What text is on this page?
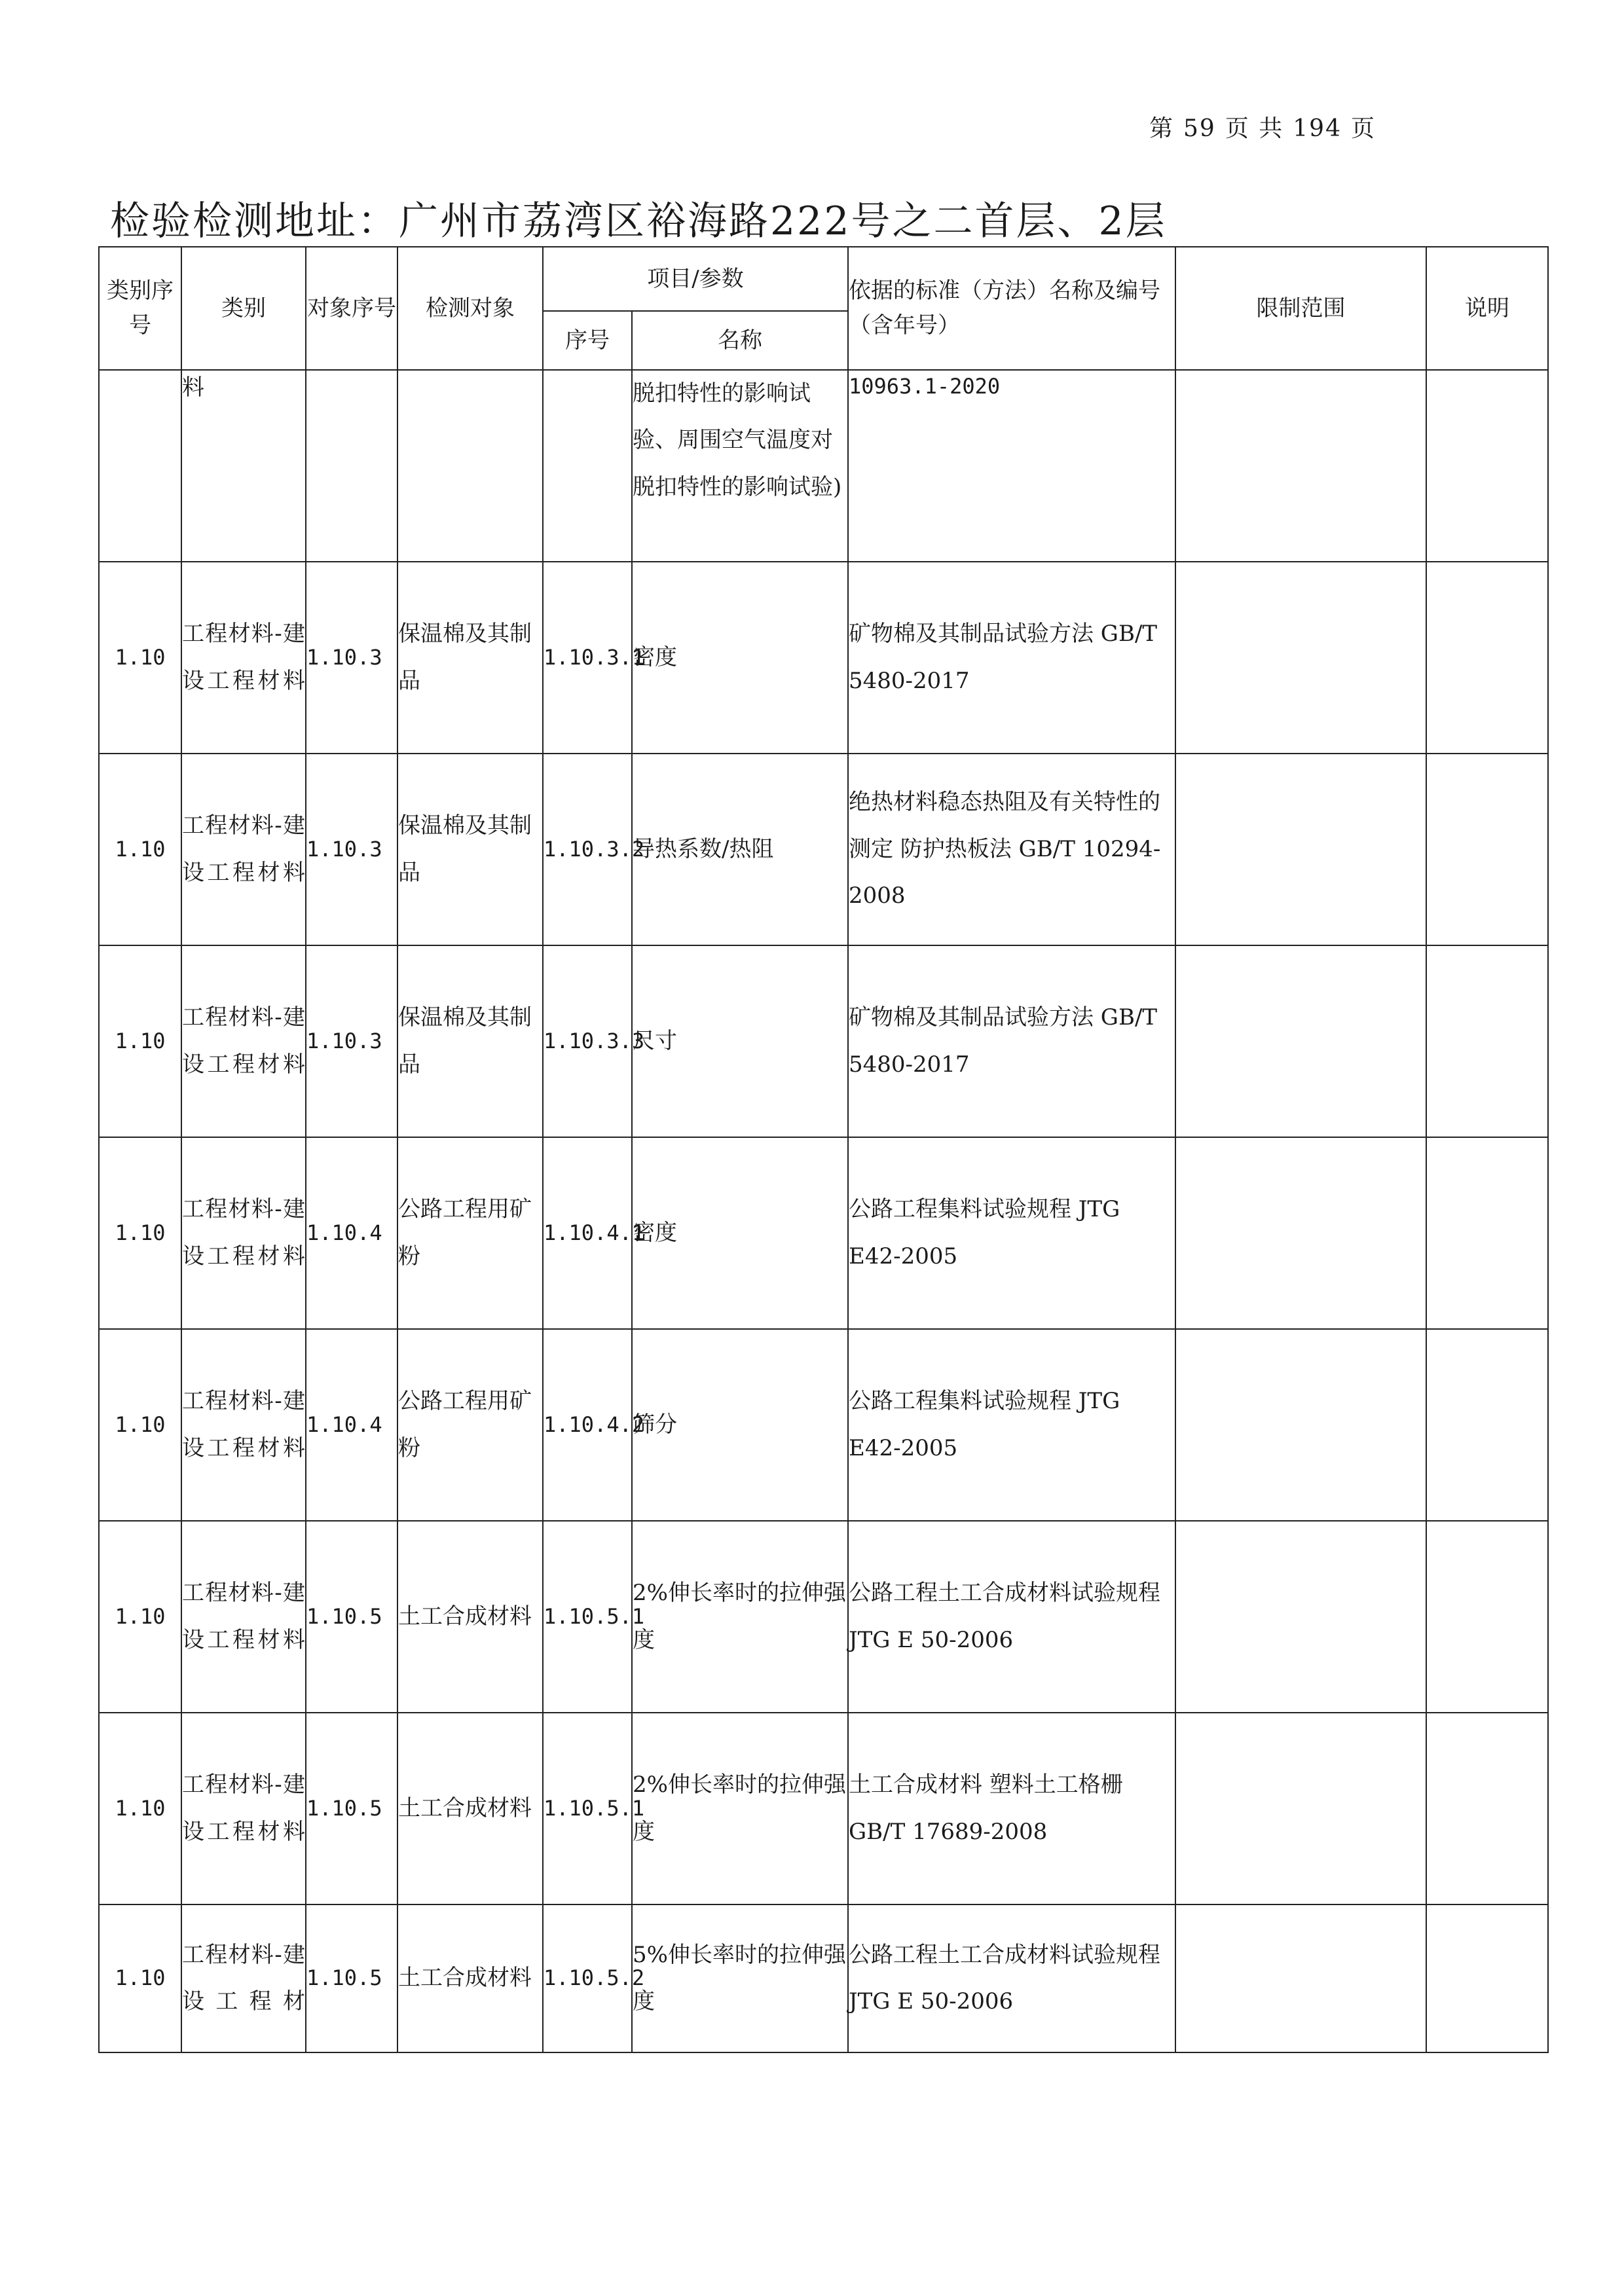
第 59 页 共 194 页
检验检测地址：广州市荔湾区裕海路222号之二首层、2层
类别序号	类别	对象序号	检测对象	项目/参数		依据的标准（方法）名称及编号（含年号）	限制范围	说明
				序号	名称			
	料				脱扣特性的影响试验、周围空气温度对脱扣特性的影响试验)	10963.1-2020		
1.10	工程材料-建设工程材料	1.10.3	保温棉及其制品	1.10.3.1	密度	矿物棉及其制品试验方法 GB/T 5480-2017		
1.10	工程材料-建设工程材料	1.10.3	保温棉及其制品	1.10.3.2	导热系数/热阻	绝热材料稳态热阻及有关特性的测定 防护热板法 GB/T 10294-2008		
1.10	工程材料-建设工程材料	1.10.3	保温棉及其制品	1.10.3.3	尺寸	矿物棉及其制品试验方法 GB/T 5480-2017		
1.10	工程材料-建设工程材料	1.10.4	公路工程用矿粉	1.10.4.1	密度	公路工程集料试验规程 JTG E42-2005		
1.10	工程材料-建设工程材料	1.10.4	公路工程用矿粉	1.10.4.2	筛分	公路工程集料试验规程 JTG E42-2005		
1.10	工程材料-建设工程材料	1.10.5	土工合成材料	1.10.5.1	2%伸长率时的拉伸强度	公路工程土工合成材料试验规程 JTG E 50-2006		
1.10	工程材料-建设工程材料	1.10.5	土工合成材料	1.10.5.1	2%伸长率时的拉伸强度	土工合成材料 塑料土工格栅 GB/T 17689-2008		
1.10	工程材料-建设工程材	1.10.5	土工合成材料	1.10.5.2	5%伸长率时的拉伸强度	公路工程土工合成材料试验规程 JTG E 50-2006		
